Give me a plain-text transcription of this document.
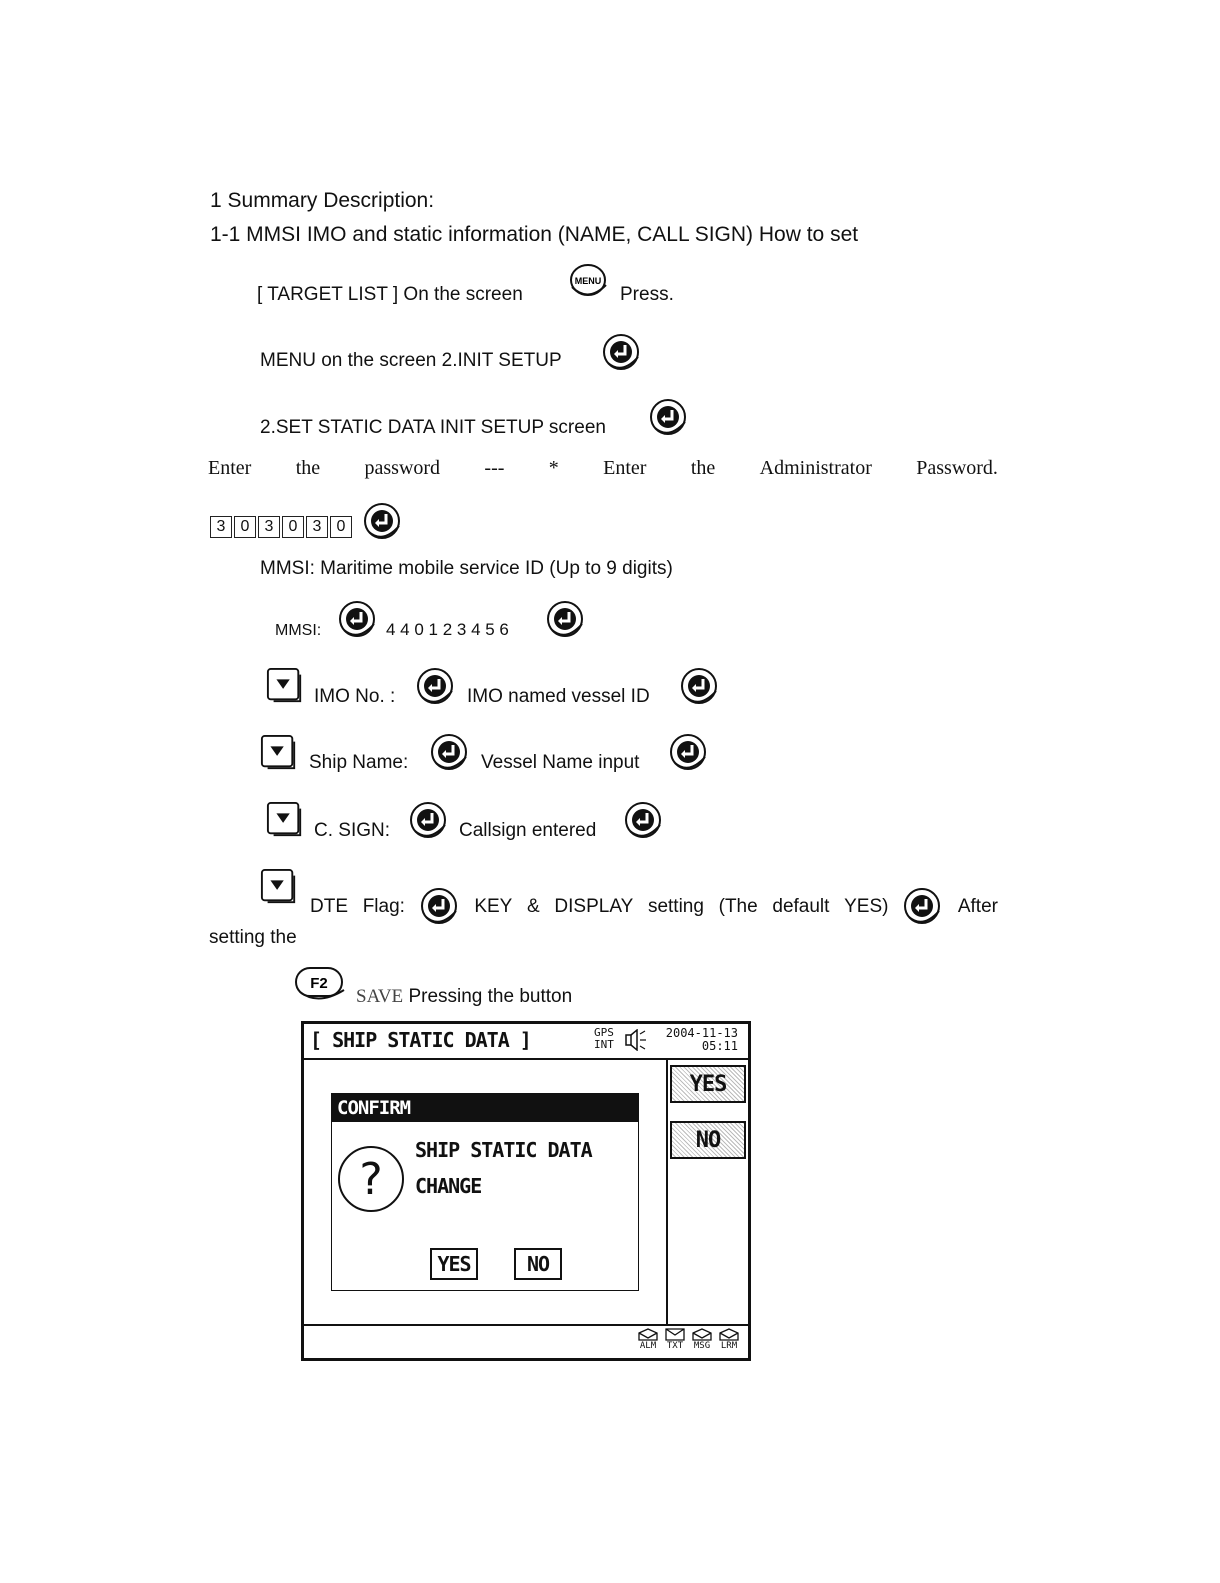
1 Summary Description:
1-1 MMSI IMO and static information (NAME, CALL SIGN) How to set
[ TARGET LIST ] On the screen
MENU
Press.
MENU on the screen 2.INIT SETUP
2.SET STATIC DATA INIT SETUP screen
Enter the password --- * Enter the Administrator Password.
3 0 3 0 3 0
MMSI: Maritime mobile service ID (Up to 9 digits)
MMSI:	4 4 0 1 2 3 4 5 6
IMO No. :	IMO named vessel ID
Ship Name:	Vessel Name input
C. SIGN:	Callsign entered
DTE Flag:	KEY & DISPLAY setting (The default YES)	After
setting the
F2
SAVE Pressing the button
[ SHIP STATIC DATA ]	GPS
INT
2004-11-13
05:11
YES
NO
CONFIRM
?
SHIP STATIC DATA
CHANGE
YES	NO
ALM	TXT	MSG	LRM
